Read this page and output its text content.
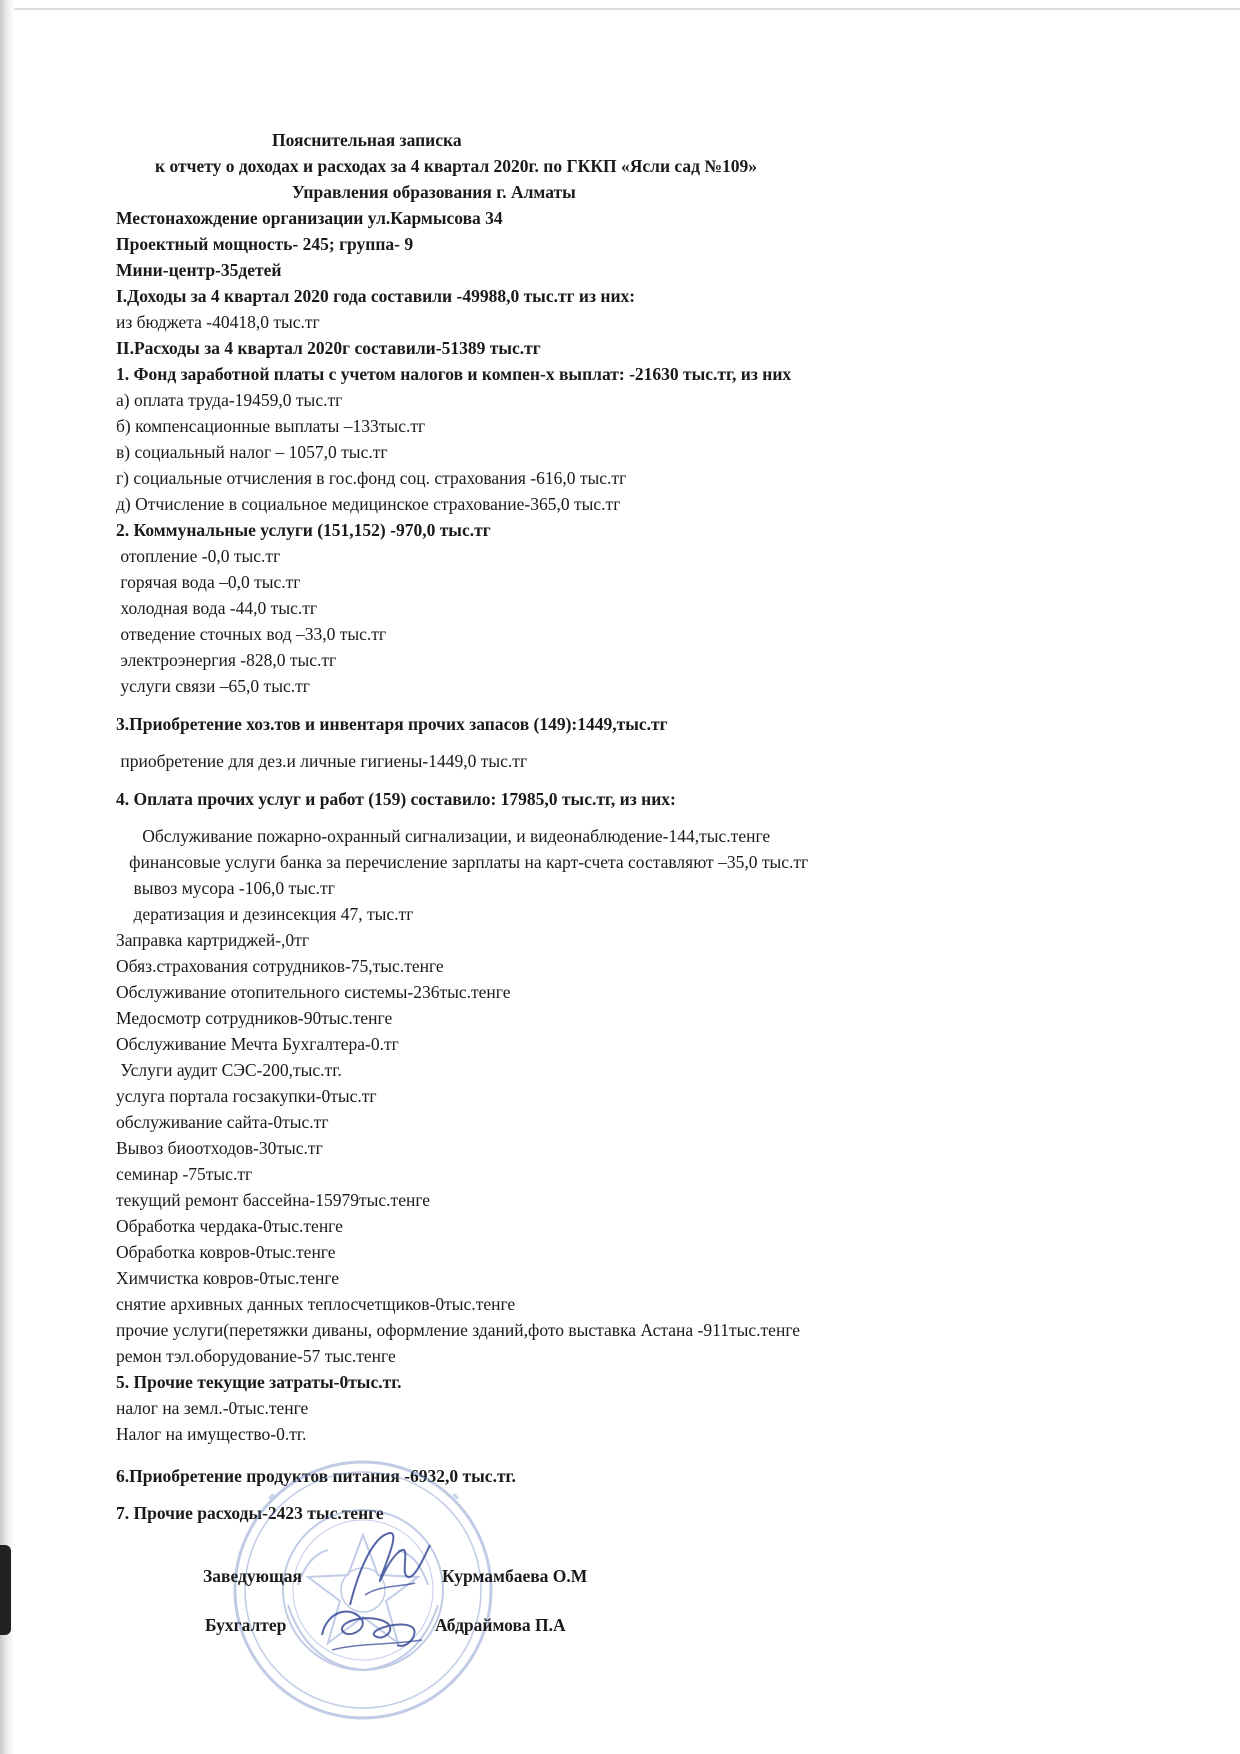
Пояснительная записка
к отчету о доходах и расходах за 4 квартал 2020г. по ГККП «Ясли сад №109»
Управления образования г. Алматы
Местонахождение организации ул.Кармысова 34
Проектный мощность- 245; группа- 9
Мини-центр-35детей
I.Доходы за 4 квартал 2020 года составили -49988,0 тыс.тг из них:
из бюджета -40418,0 тыс.тг
II.Расходы за 4 квартал 2020г составили-51389 тыс.тг
1. Фонд заработной платы с учетом налогов и компен-х выплат: -21630 тыс.тг, из них
а) оплата труда-19459,0 тыс.тг
б) компенсационные выплаты –133тыс.тг
в) социальный налог – 1057,0 тыс.тг
г) социальные отчисления в гос.фонд соц. страхования -616,0 тыс.тг
д) Отчисление в социальное медицинское страхование-365,0 тыс.тг
2. Коммунальные услуги (151,152) -970,0 тыс.тг
отопление -0,0 тыс.тг
горячая вода –0,0 тыс.тг
холодная вода -44,0 тыс.тг
отведение сточных вод –33,0 тыс.тг
электроэнергия -828,0 тыс.тг
услуги связи –65,0 тыс.тг
3.Приобретение хоз.тов и инвентаря прочих запасов (149):1449,тыс.тг
приобретение для дез.и личные гигиены-1449,0 тыс.тг
4. Оплата прочих услуг и работ (159) составило: 17985,0 тыс.тг, из них:
Обслуживание пожарно-охранный сигнализации, и видеонаблюдение-144,тыс.тенге
финансовые услуги банка за перечисление зарплаты на карт-счета составляют –35,0 тыс.тг
вывоз мусора -106,0 тыс.тг
дератизация и дезинсекция 47, тыс.тг
Заправка картриджей-,0тг
Обяз.страхования сотрудников-75,тыс.тенге
Обслуживание отопительного системы-236тыс.тенге
Медосмотр сотрудников-90тыс.тенге
Обслуживание Мечта Бухгалтера-0.тг
Услуги аудит СЭС-200,тыс.тг.
услуга портала госзакупки-0тыс.тг
обслуживание сайта-0тыс.тг
Вывоз биоотходов-30тыс.тг
семинар -75тыс.тг
текущий ремонт бассейна-15979тыс.тенге
Обработка чердака-0тыс.тенге
Обработка ковров-0тыс.тенге
Химчистка ковров-0тыс.тенге
снятие архивных данных теплосчетщиков-0тыс.тенге
прочие услуги(перетяжки диваны, оформление зданий,фото выставка Астана -911тыс.тенге
ремон тэл.оборудование-57 тыс.тенге
5. Прочие текущие затраты-0тыс.тг.
налог на земл.-0тыс.тенге
Налог на имущество-0.тг.
6.Приобретение продуктов питания -6932,0 тыс.тг.
7. Прочие расходы-2423 тыс.тенге
Заведующая	Курмамбаева О.М
Бухгалтер	Абдраймова П.А
